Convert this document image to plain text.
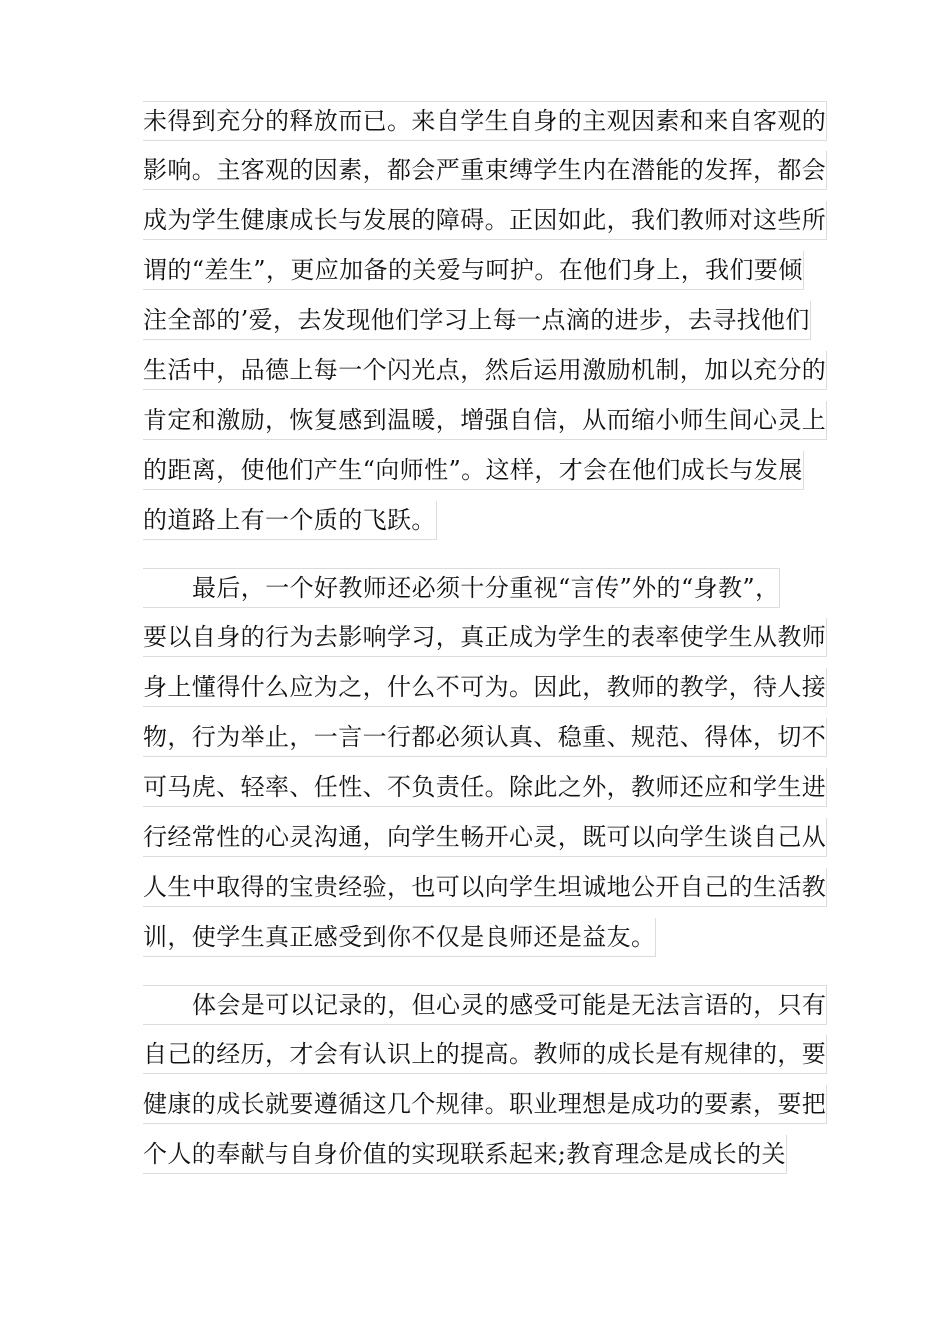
未得到充分的释放而已。来自学生自身的主观因素和来自客观的
影响。主客观的因素，都会严重束缚学生内在潜能的发挥，都会
成为学生健康成长与发展的障碍。正因如此，我们教师对这些所
谓的“差生”，更应加备的关爱与呵护。在他们身上，我们要倾
注全部的’爱，去发现他们学习上每一点滴的进步，去寻找他们
生活中，品德上每一个闪光点，然后运用激励机制，加以充分的
肯定和激励，恢复感到温暖，增强自信，从而缩小师生间心灵上
的距离，使他们产生“向师性”。这样，才会在他们成长与发展
的道路上有一个质的飞跃。
最后，一个好教师还必须十分重视“言传”外的“身教”，
要以自身的行为去影响学习，真正成为学生的表率使学生从教师
身上懂得什么应为之，什么不可为。因此，教师的教学，待人接
物，行为举止，一言一行都必须认真、稳重、规范、得体，切不
可马虎、轻率、任性、不负责任。除此之外，教师还应和学生进
行经常性的心灵沟通，向学生畅开心灵，既可以向学生谈自己从
人生中取得的宝贵经验，也可以向学生坦诚地公开自己的生活教
训，使学生真正感受到你不仅是良师还是益友。
体会是可以记录的，但心灵的感受可能是无法言语的，只有
自己的经历，才会有认识上的提高。教师的成长是有规律的，要
健康的成长就要遵循这几个规律。职业理想是成功的要素，要把
个人的奉献与自身价值的实现联系起来;教育理念是成长的关
